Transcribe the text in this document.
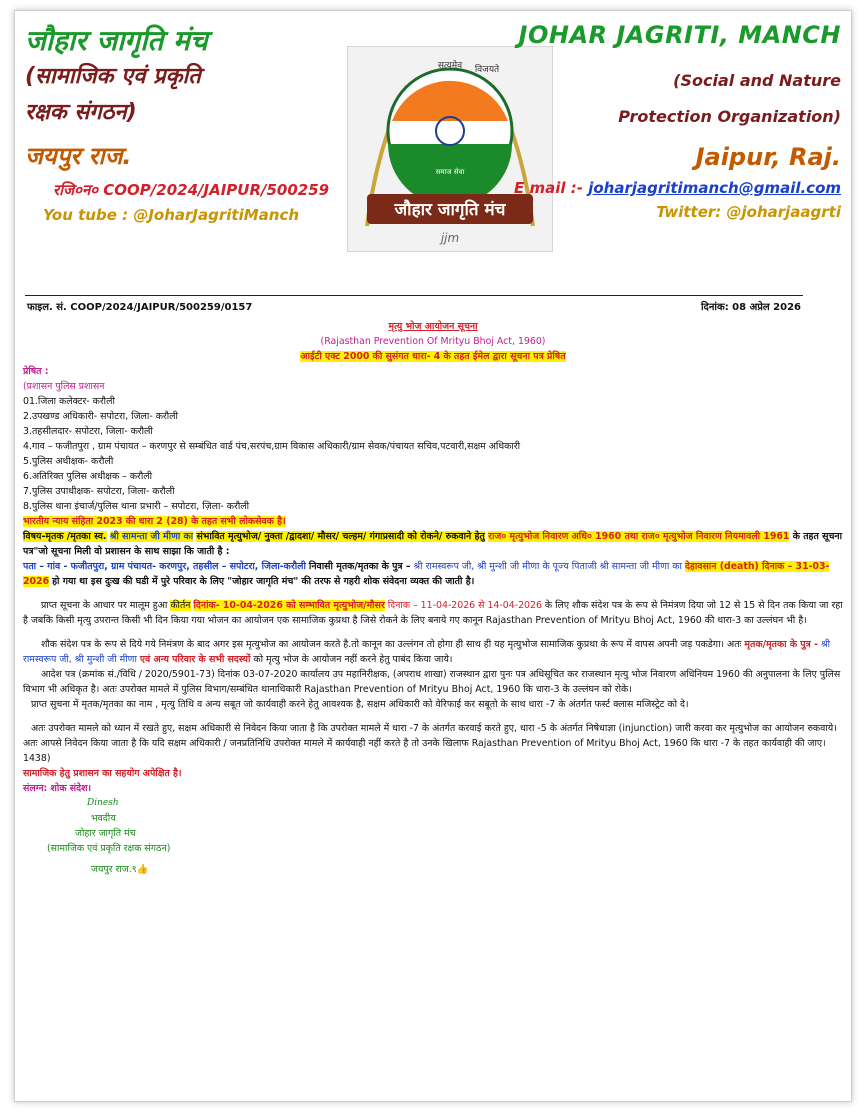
जौहार जागृति मंच
(सामाजिक एवं प्रकृति
रक्षक संगठन)
जयपुर राज.
रजि०न० COOP/2024/JAIPUR/500259
You tube : @JoharJagritiManch
सत्यमेव विजयते
समाज सेवा
जौहार जागृति मंच
jjm
JOHAR JAGRITI, MANCH
(Social and Nature
Protection Organization)
Jaipur, Raj.
E mail :- joharjagritimanch@gmail.com
Twitter: @joharjaagrti
फाइल. सं. COOP/2024/JAIPUR/500259/0157	दिनांक: 08 अप्रेल 2026

मृत्यु भोज आयोजन सूचना

(Rajasthan Prevention Of Mrityu Bhoj Act, 1960)

आईटी एक्ट 2000 की सुसंगत धारा- 4 के तहत ईमेल द्वारा सूचना पत्र प्रेषित

प्रेषित :

(प्रशासन पुलिस प्रशासन

01.जिला कलेक्टर- करौली

2.उपखण्ड अधिकारी- सपोटरा, जिला- करौली

3.तहसीलदार- सपोटरा, जिला- करौली

4.गाव – फजीतपुरा , ग्राम पंचायत – करणपुर से सम्बंधित वार्ड पंच,सरपंच,ग्राम विकास अधिकारी/ग्राम सेवक/पंचायत सचिव,पटवारी,सक्षम अधिकारी

5.पुलिस अधीक्षक- करौली

6.अतिरिक्त पुलिस अधीक्षक – करौली

7.पुलिस उपाधीक्षक- सपोटरा, जिला- करौली

8.पुलिस थाना इंचार्ज/पुलिस थाना प्रभारी – सपोटरा, ज़िला- करौली

भारतीय न्याय संहिता 2023 की धारा 2 (28) के तहत सभी लोकसेवक है।

विषय-मृतक /मृतका स्व. श्री सामन्ता जी मीणा का संभावित मृत्युभोज/ नुक्ता /द्वादशा/ मौसर/ चल्हम/ गंगाप्रसादी को रोकने/ रुकवाने हेतु राज० मृत्युभोज निवारण अधि० 1960 तथा राज० मृत्युभोज निवारण नियमावली 1961 के तहत सूचना पत्र"जो सूचना मिली वो प्रशासन के साथ साझा कि जाती है :

पता – गांव - फजीतपुरा, ग्राम पंचायत- करणपुर, तहसील – सपोटरा, जिला-करौली निवासी मृतक/मृतका के पुत्र – श्री रामस्वरूप जी, श्री मुन्शी जी मीणा के पूज्य पिताजी श्री सामन्ता जी मीणा का देहावसान (death) दिनाक – 31-03-2026 हो गया था इस दुःख की घडी में पुरे परिवार के लिए "जोहार जागृति मंच" की तरफ से गहरी शोक संवेदना व्यक्त की जाती है।

प्राप्त सूचना के आधार पर मालूम हुआ कीर्तन दिनांक- 10-04-2026 को सम्भावित मृत्युभोज/मौसर दिनाक – 11-04-2026 से 14-04-2026 के लिए शौक संदेश पत्र के रूप से निमंत्रण दिया जो 12 से 15 से दिन तक किया जा रहा है जबकि किसी मृत्यु उपरान्त किसी भी दिन किया गया भोजन का आयोजन एक सामाजिक कुप्रथा है जिसे रोकने के लिए बनाये गए कानून Rajasthan Prevention of Mrityu Bhoj Act, 1960 की धारा-3 का उल्लंघन भी है।

शौक संदेश पत्र के रूप से दिये गये निमंत्रण के बाद अगर इस मृत्युभोज का आयोजन करते है.तो कानून का उल्लंगन तो होगा ही साथ ही यह मृत्युभोज सामाजिक कुप्रथा के रूप में वापस अपनी जड़ पकडेगा। अतः मृतक/मृतका के पुत्र - श्री रामस्वरूप जी, श्री मुन्शी जी मीणा एवं अन्य परिवार के सभी सदस्यों को मृत्यु भोज के आयोजन नहीं करने हेतु पाबंद किया जाये।

आदेश पत्र (क्रमांक सं./विधि / 2020/5901-73) दिनांक 03-07-2020 कार्यालय उप महानिरीक्षक, (अपराध शाखा) राजस्थान द्वारा पुनः पत्र अधिसूचित कर राजस्थान मृत्यु भोज निवारण अधिनियम 1960 की अनुपालना के लिए पुलिस विभाग भी अधिकृत है। अतः उपरोक्त मामले में पुलिस विभाग/सम्बंधित थानाधिकारी Rajasthan Prevention of Mrityu Bhoj Act, 1960 कि धारा-3 के उल्लंघन को रोके।

प्राप्त सुचना में मृतक/मृतका का नाम , मृत्यु तिथि व अन्य सबूत जो कार्यवाही करने हेतु आवश्यक है, सक्षम अधिकारी को वेरिफाई कर सबूतो के साथ धारा -7 के अंतर्गत फर्स्ट क्लास मजिस्ट्रेट को दे।

अतः उपरोक्त मामले को ध्यान में रखते हुए, सक्षम अधिकारी से निवेदन किया जाता है कि उपरोक्त मामले में धारा -7 के अंतर्गत करवाई करते हुए, धारा -5 के अंतर्गत निषेधाज्ञा (injunction) जारी करवा कर मृत्युभोज का आयोजन रुकवाये।

अतः आपसे निवेदन किया जाता है कि यदि सक्षम अधिकारी / जनप्रतिनिधि उपरोक्त मामले में कार्यवाही नहीं करते है तो उनके खिलाफ Rajasthan Prevention of Mrityu Bhoj Act, 1960 कि धारा -7 के तहत कार्यवाही की जाए।1438)

सामाजिक हेतु प्रशासन का सहयोग अपेक्षित है।

संलग्न: शोक संदेश।

Dinesh

भवदीय

जोहार जागृति मंच

(सामाजिक एवं प्रकृति रक्षक संगठन)

जयपुर राज.९👍
